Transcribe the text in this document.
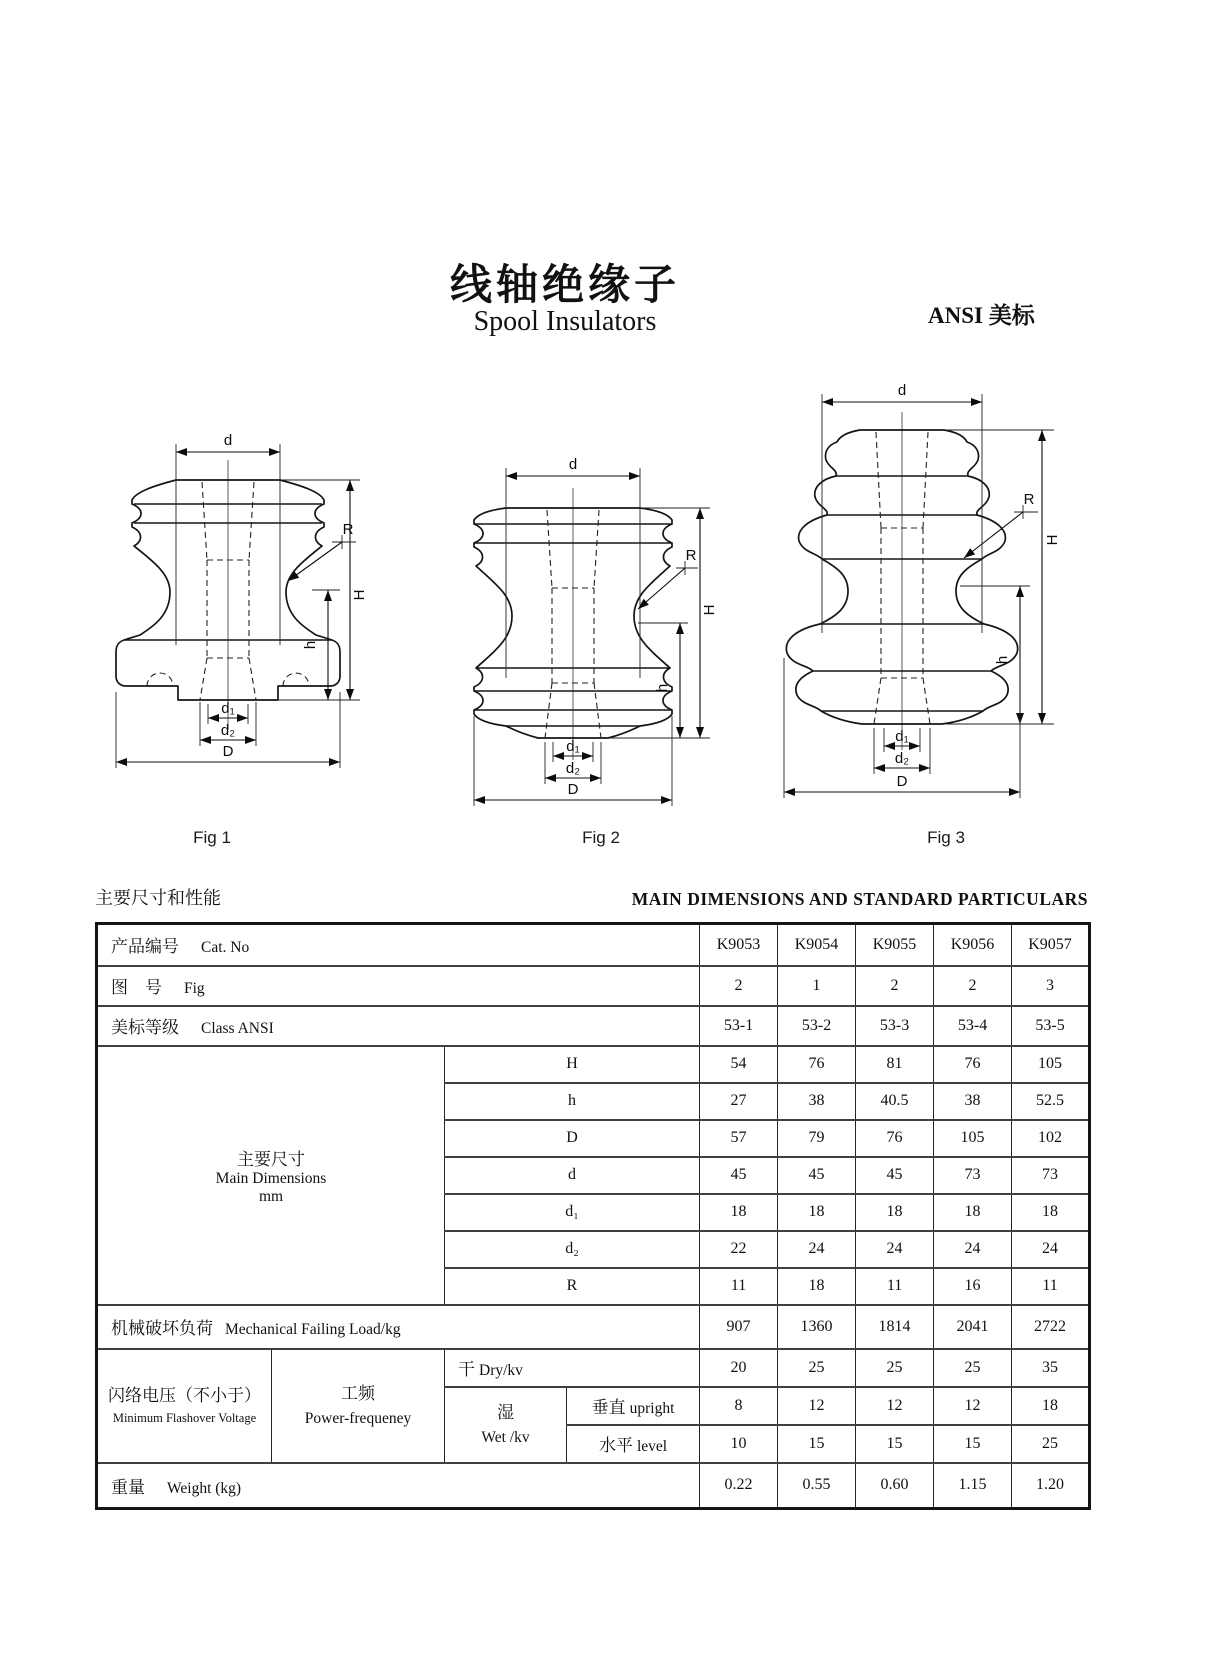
线轴绝缘子
Spool Insulators	ANSI 美标
d
H
h
R
d₁
d₂
D
d
H
h
R
d₁
d₂
D
d
H
h
R
d₁
d₂
D
Fig 1	Fig 2	Fig 3
主要尺寸和性能	MAIN DIMENSIONS AND STANDARD PARTICULARS
产品编号 Cat. No				K9053	K9054	K9055	K9056	K9057
图　号 Fig				2	1	2	2	3
美标等级 Class ANSI				53-1	53-2	53-3	53-4	53-5

主要尺寸
Main Dimensions
mm		H		54	76	81	76	105
		h		27	38	40.5	38	52.5
		D		57	79	76	105	102
		d		45	45	45	73	73
		d₁		18	18	18	18	18
		d₂		22	24	24	24	24
		R		11	18	11	16	11
机械破坏负荷 Mechanical Failing Load/kg				907	1360	1814	2041	2722

闪络电压（不小于）
Minimum Flashover Voltage	工频
Power-frequeney	干 Dry/kv		20	25	25	25	35

		湿
Wet /kv	垂直 upright	8	12	12	12	18
			水平 level	10	15	15	15	25
重量 Weight (kg)				0.22	0.55	0.60	1.15	1.20
